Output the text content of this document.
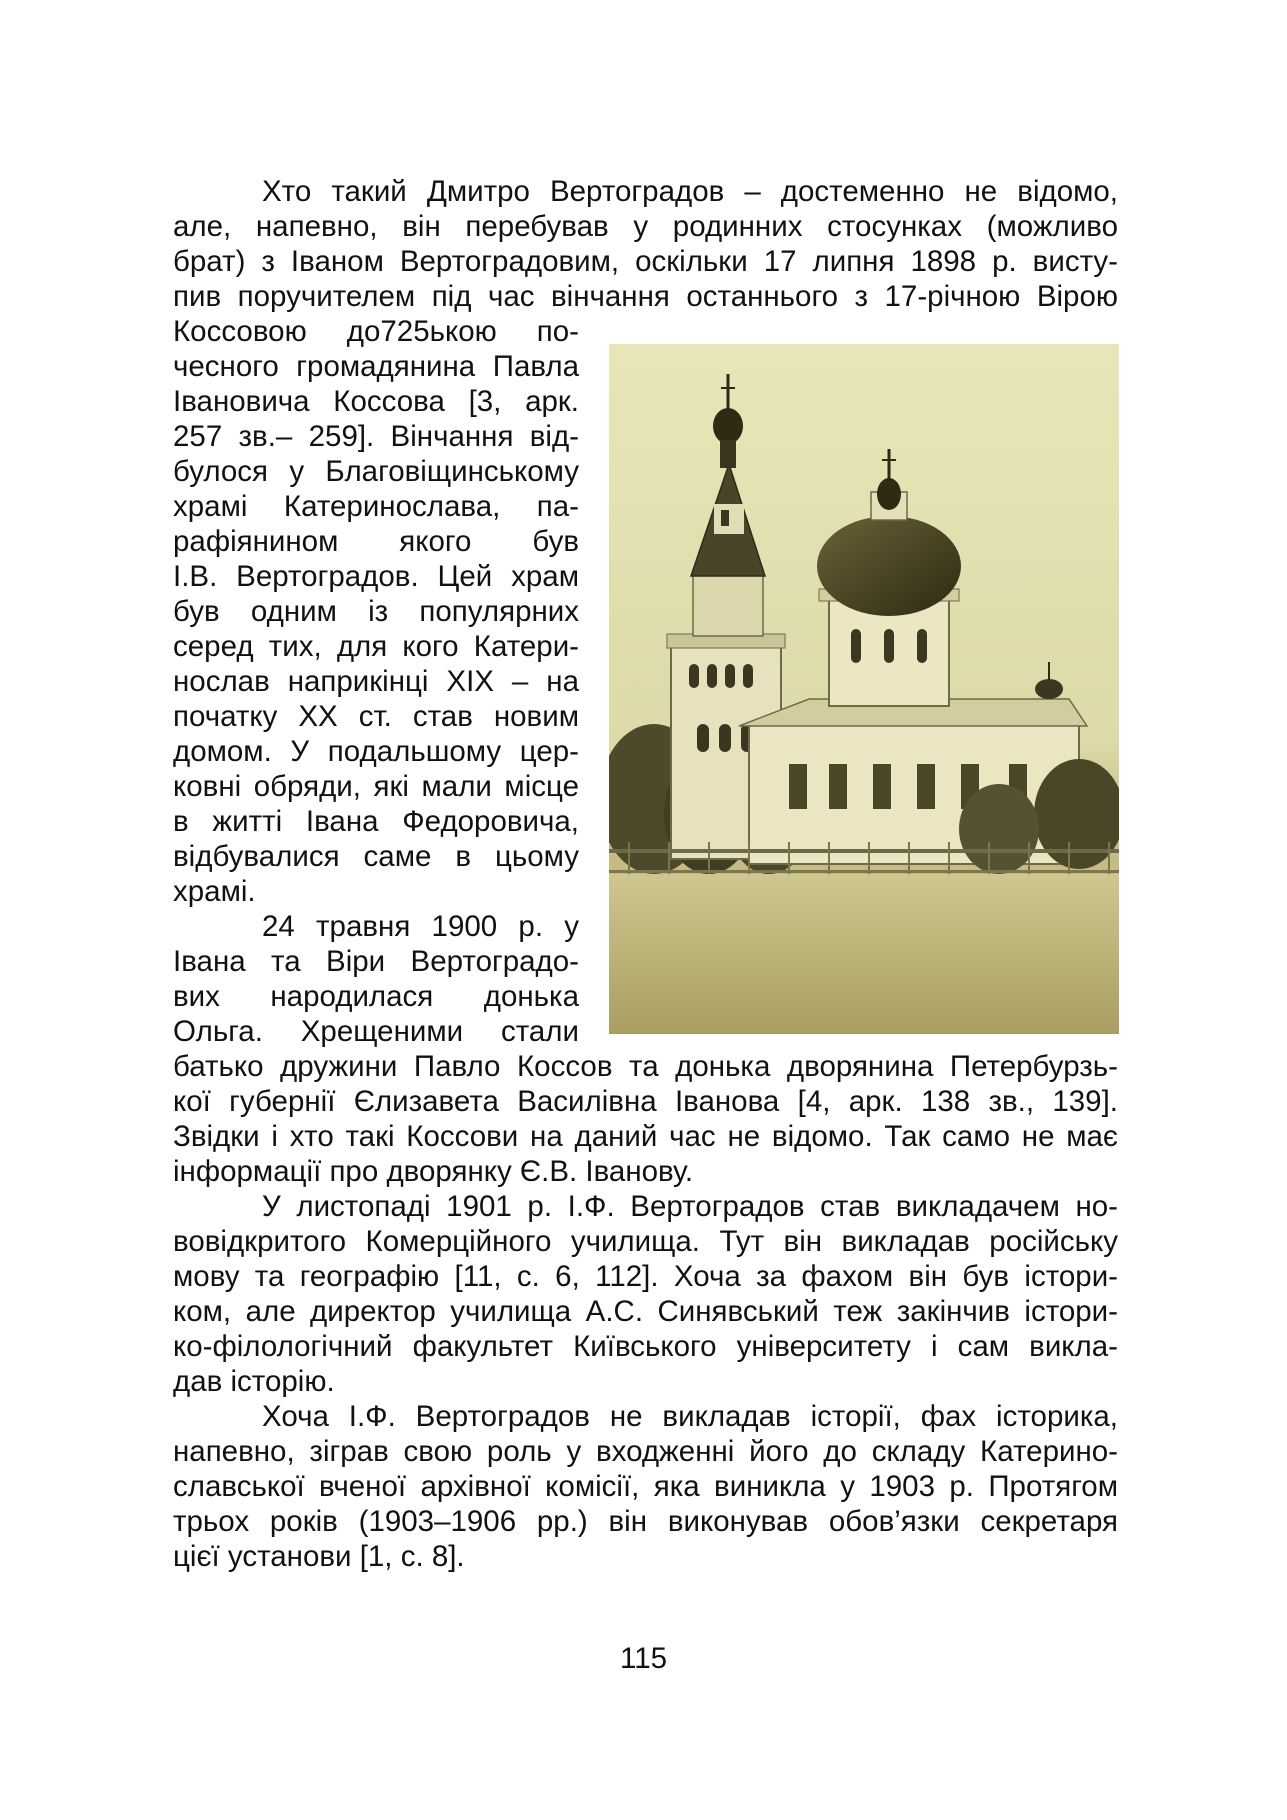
Хто такий Дмитро Вертоградов – достеменно не відомо,
але, напевно, він перебував у родинних стосунках (можливо
брат) з Іваном Вертоградовим, оскільки 17 липня 1898 р. висту-
пив поручителем під час вінчання останнього з 17-річною Вірою
Коссовою до725ькою по-
чесного громадянина Павла
Івановича Коссова [3, арк.
257 зв.– 259]. Вінчання від-
булося у Благовіщинському
храмі Катеринослава, па-
рафіянином якого був
І.В. Вертоградов. Цей храм
був одним із популярних
серед тих, для кого Катери-
нослав наприкінці ХІХ – на
початку ХХ ст. став новим
домом. У подальшому цер-
ковні обряди, які мали місце
в житті Івана Федоровича,
відбувалися саме в цьому
храмі.
24 травня 1900 р. у
Івана та Віри Вертоградо-
вих народилася донька
Ольга. Хрещеними стали
батько дружини Павло Коссов та донька дворянина Петербурзь-
кої губернії Єлизавета Василівна Іванова [4, арк. 138 зв., 139].
Звідки і хто такі Коссови на даний час не відомо. Так само не має
інформації про дворянку Є.В. Іванову.
У листопаді 1901 р. І.Ф. Вертоградов став викладачем но-
вовідкритого Комерційного училища. Тут він викладав російську
мову та географію [11, с. 6, 112]. Хоча за фахом він був істори-
ком, але директор училища А.С. Синявський теж закінчив істори-
ко-філологічний факультет Київського університету і сам викла-
дав історію.
Хоча І.Ф. Вертоградов не викладав історії, фах історика,
напевно, зіграв свою роль у входженні його до складу Катерино-
славської вченої архівної комісії, яка виникла у 1903 р. Протягом
трьох років (1903–1906 рр.) він виконував обов’язки секретаря
цієї установи [1, с. 8].
115
